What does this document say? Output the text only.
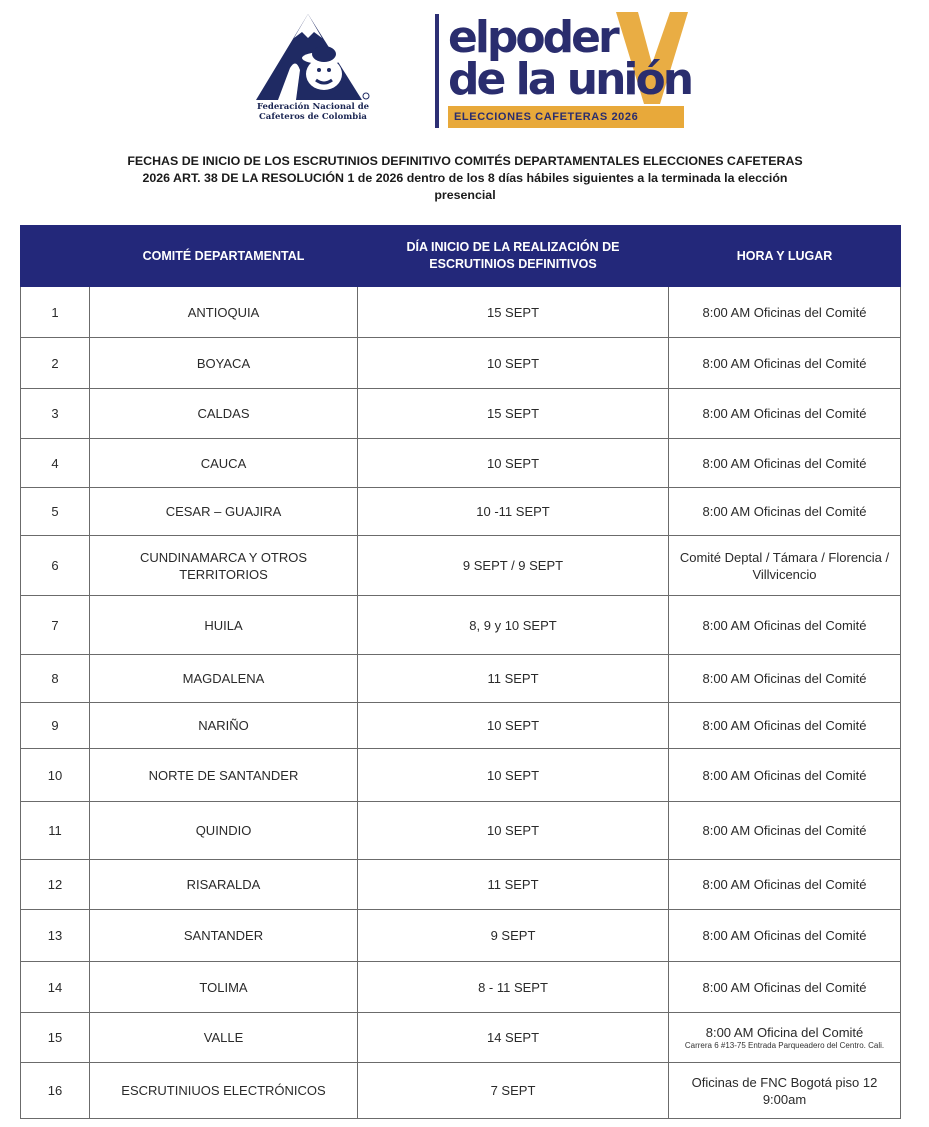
Federación Nacional de
Cafeteros de Colombia
elpoder
de la unión
ELECCIONES CAFETERAS 2026
FECHAS DE INICIO DE LOS ESCRUTINIOS DEFINITIVO COMITÉS DEPARTAMENTALES ELECCIONES CAFETERAS
2026 ART. 38 DE LA RESOLUCIÓN 1 de 2026 dentro de los 8 días hábiles siguientes a la terminada la elección
presencial
	COMITÉ DEPARTAMENTAL	DÍA INICIO DE LA REALIZACIÓN DE ESCRUTINIOS DEFINITIVOS	HORA Y LUGAR
1	ANTIOQUIA	15 SEPT	8:00 AM Oficinas del Comité
2	BOYACA	10 SEPT	8:00 AM Oficinas del Comité
3	CALDAS	15 SEPT	8:00 AM Oficinas del Comité
4	CAUCA	10 SEPT	8:00 AM Oficinas del Comité
5	CESAR – GUAJIRA	10 -11 SEPT	8:00 AM Oficinas del Comité
6	CUNDINAMARCA Y OTROS TERRITORIOS	9 SEPT / 9 SEPT	Comité Deptal / Támara / Florencia / Villvicencio
7	HUILA	8, 9 y 10 SEPT	8:00 AM Oficinas del Comité
8	MAGDALENA	11 SEPT	8:00 AM Oficinas del Comité
9	NARIÑO	10 SEPT	8:00 AM Oficinas del Comité
10	NORTE DE SANTANDER	10 SEPT	8:00 AM Oficinas del Comité
11	QUINDIO	10 SEPT	8:00 AM Oficinas del Comité
12	RISARALDA	11 SEPT	8:00 AM Oficinas del Comité
13	SANTANDER	9 SEPT	8:00 AM Oficinas del Comité
14	TOLIMA	8 - 11 SEPT	8:00 AM Oficinas del Comité
15	VALLE	14 SEPT	8:00 AM Oficina del Comité
Carrera 6 #13-75 Entrada Parqueadero del Centro. Cali.

16	ESCRUTINIUOS ELECTRÓNICOS	7 SEPT	Oficinas de FNC Bogotá piso 12 9:00am
